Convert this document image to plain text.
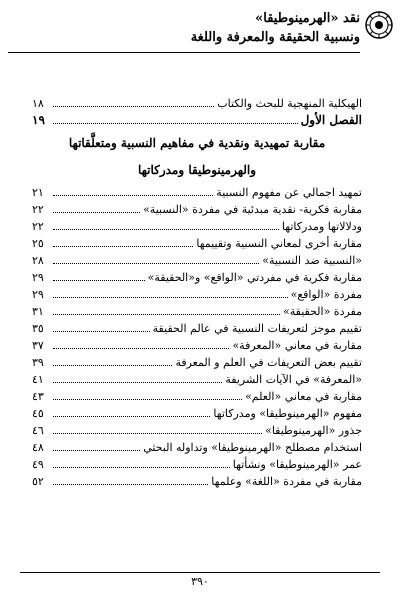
نقد «الهرمينوطيقا»
ونسبية الحقيقة والمعرفة واللغة
الهيكلية المنهجية للبحث والكتاب
١٨
الفصل الأول
١٩
مقاربة تمهيدية ونقدية في مفاهيم النسبية ومتعلَّقاتها
والهرمينوطيقا ومدركاتها
تمهيد اجمالي عن مفهوم النسبية
٢١
مقاربة فكرية- نقدية مبدئية في مفردة «النسبية»
٢٢
ودلالاتها ومدركاتها
٢٢
مقاربة أخرى لمعاني النسبية وتقييمها
٢٥
«النسبية ضد النسبية»
٢٨
مقاربة فكرية في مفردتي «الواقع» و«الحقيقة»
٢٩
مفردة «الواقع»
٢٩
مفردة «الحقيقة»
٣١
تقييم موجز لتعريفات النسبية في عالم الحقيقة
٣٥
مقاربة في معاني «المعرفة»
٣٧
تقييم بعض التعريفات في العلم و المعرفة
٣٩
«المعرفة» في الآيات الشريفة
٤١
مقاربة في معاني «العلم»
٤٣
مفهوم «الهرمينوطيقا» ومدركاتها
٤٥
جذور «الهرمينوطيقا»
٤٦
استخدام مصطلح «الهرمينوطيقا» وتداوله البحثي
٤٨
عمر «الهرمينوطيقا» ونشأتها
٤٩
مقاربة في مفردة «اللغة» وعلمها
٥٢
٣٩٠
